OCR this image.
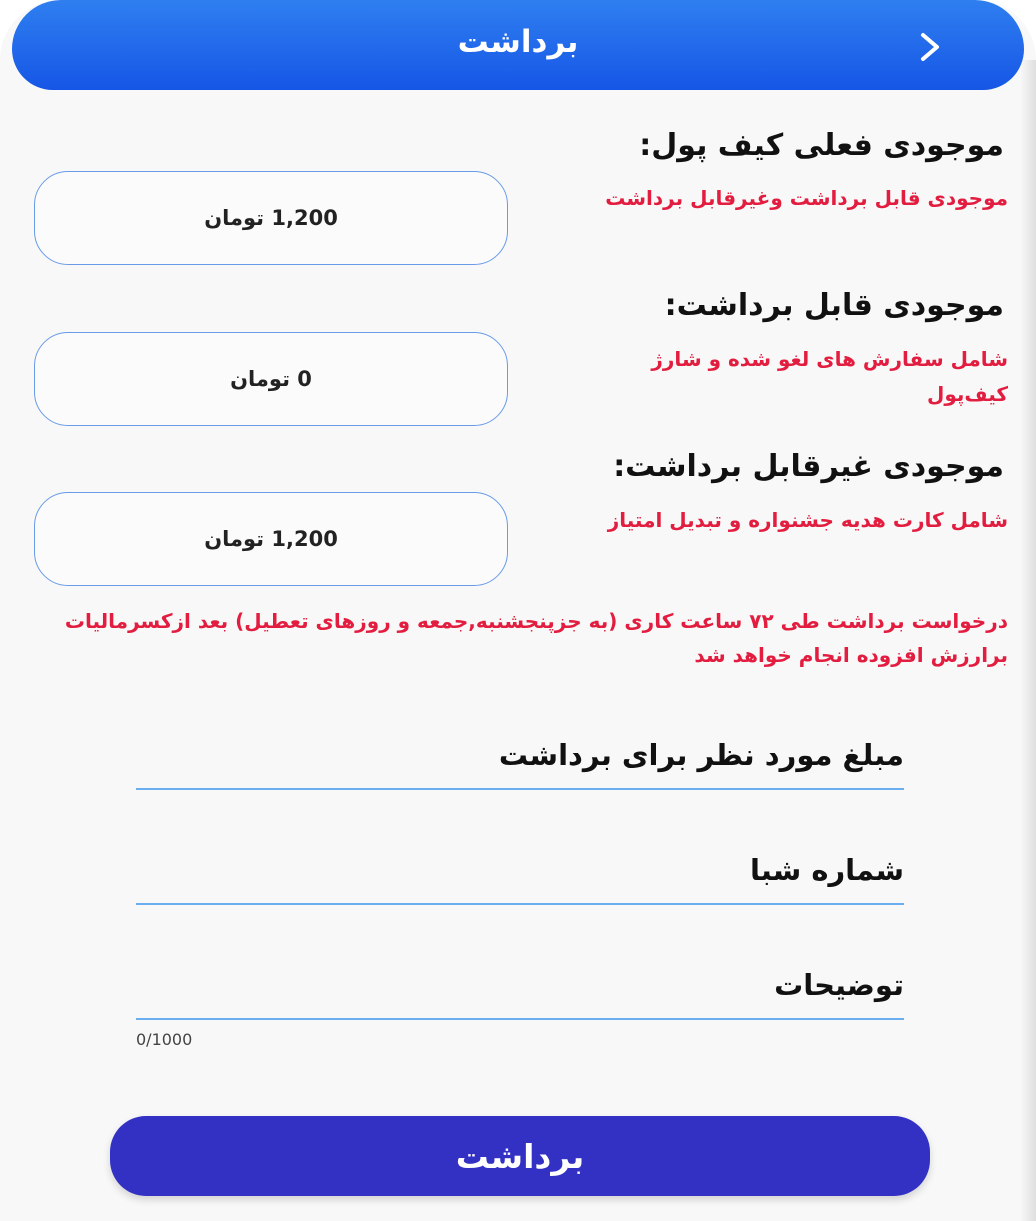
برداشت
موجودی فعلی کیف پول:
موجودی قابل برداشت وغیرقابل برداشت
1,200 تومان
موجودی قابل برداشت:
شامل سفارش های لغو شده و شارژ کیف‌پول
0 تومان
موجودی غیرقابل برداشت:
شامل کارت هدیه جشنواره و تبدیل امتیاز
1,200 تومان
درخواست برداشت طی ۷۲ ساعت کاری (به جزپنجشنبه,جمعه و روزهای تعطیل) بعد ازکسرمالیات برارزش افزوده انجام خواهد شد
مبلغ مورد نظر برای برداشت
شماره شبا
توضیحات
0/1000
برداشت
